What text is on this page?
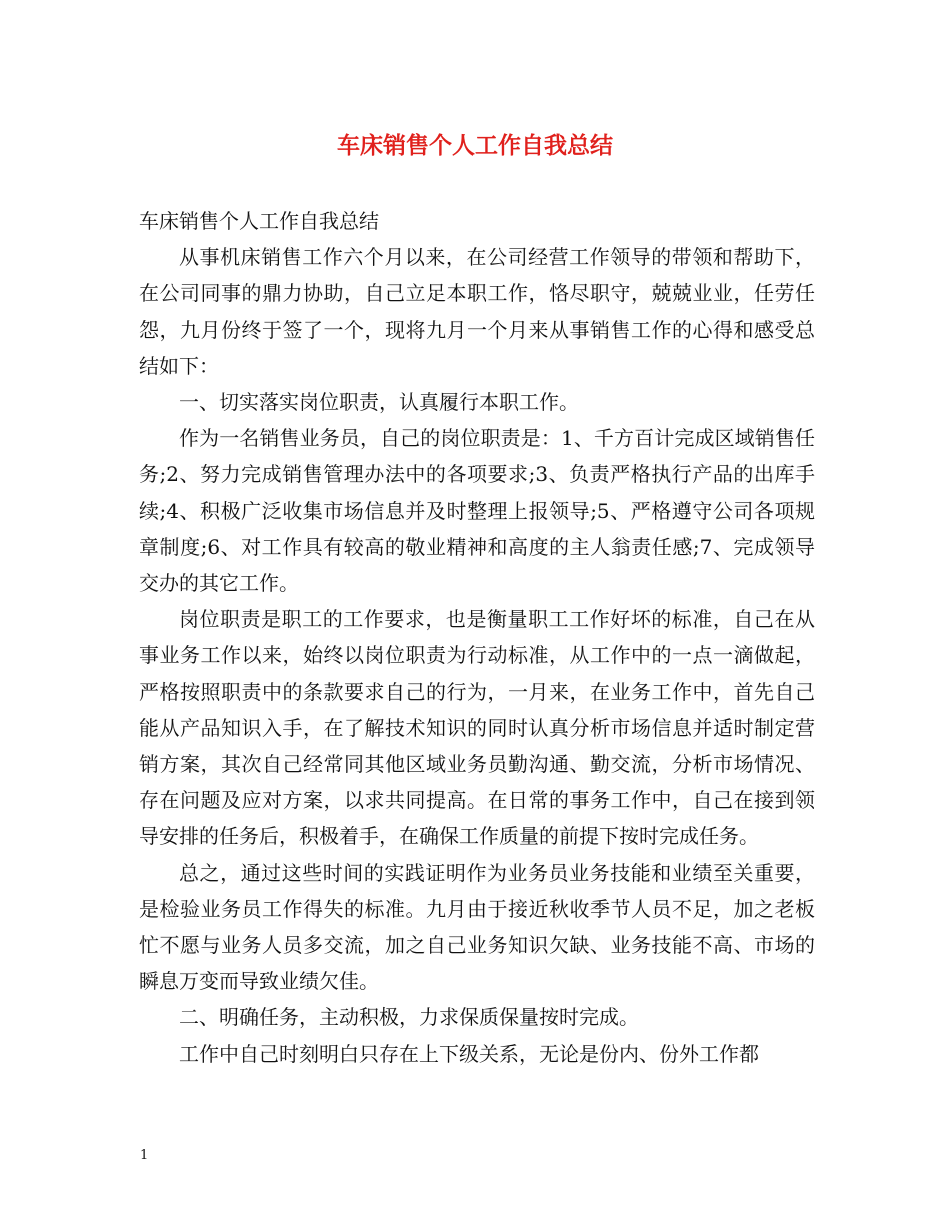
车床销售个人工作自我总结

车床销售个人工作自我总结

从事机床销售工作六个月以来，在公司经营工作领导的带领和帮助下，在公司同事的鼎力协助，自己立足本职工作，恪尽职守，兢兢业业，任劳任怨，九月份终于签了一个，现将九月一个月来从事销售工作的心得和感受总结如下：

一、切实落实岗位职责，认真履行本职工作。

作为一名销售业务员，自己的岗位职责是：1、千方百计完成区域销售任务;2、努力完成销售管理办法中的各项要求;3、负责严格执行产品的出库手续;4、积极广泛收集市场信息并及时整理上报领导;5、严格遵守公司各项规章制度;6、对工作具有较高的敬业精神和高度的主人翁责任感;7、完成领导交办的其它工作。

岗位职责是职工的工作要求，也是衡量职工工作好坏的标准，自己在从事业务工作以来，始终以岗位职责为行动标准，从工作中的一点一滴做起，严格按照职责中的条款要求自己的行为，一月来，在业务工作中，首先自己能从产品知识入手，在了解技术知识的同时认真分析市场信息并适时制定营销方案，其次自己经常同其他区域业务员勤沟通、勤交流，分析市场情况、存在问题及应对方案，以求共同提高。在日常的事务工作中，自己在接到领导安排的任务后，积极着手，在确保工作质量的前提下按时完成任务。

总之，通过这些时间的实践证明作为业务员业务技能和业绩至关重要，是检验业务员工作得失的标准。九月由于接近秋收季节人员不足，加之老板忙不愿与业务人员多交流，加之自己业务知识欠缺、业务技能不高、市场的瞬息万变而导致业绩欠佳。

二、明确任务，主动积极，力求保质保量按时完成。

工作中自己时刻明白只存在上下级关系，无论是份内、份外工作都

1
